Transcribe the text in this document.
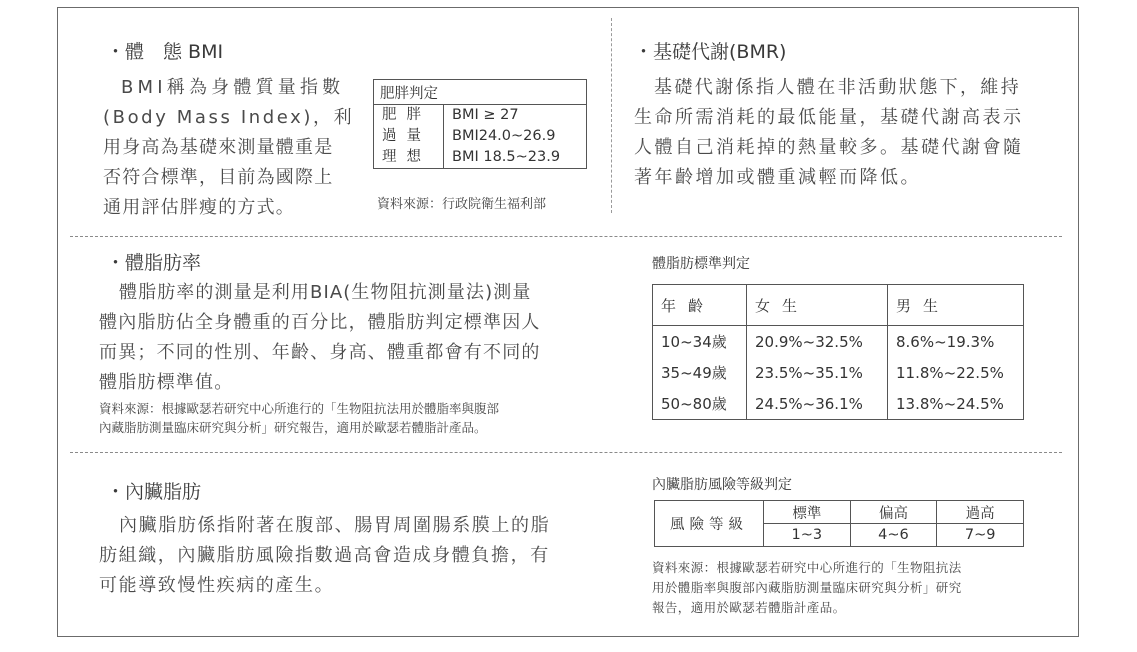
・體　態 BMI
BMI稱為身體質量指數
(Body Mass Index)，利
用身高為基礎來測量體重是
否符合標準，目前為國際上
通用評估胖瘦的方式。
肥胖判定
肥胖	BMI ≥ 27
過量	BMI24.0~26.9
理想	BMI 18.5~23.9
資料來源：行政院衛生福利部
・基礎代謝(BMR)
基礎代謝係指人體在非活動狀態下，維持
生命所需消耗的最低能量，基礎代謝高表示
人體自己消耗掉的熱量較多。基礎代謝會隨
著年齡增加或體重減輕而降低。
・體脂肪率
體脂肪率的測量是利用BIA(生物阻抗測量法)測量
體內脂肪佔全身體重的百分比，體脂肪判定標準因人
而異；不同的性別、年齡、身高、體重都會有不同的
體脂肪標準值。
資料來源：根據歐瑟若研究中心所進行的「生物阻抗法用於體脂率與腹部
內藏脂肪測量臨床研究與分析」研究報告，適用於歐瑟若體脂計產品。
體脂肪標準判定
年齡	女生	男生
10~34歲	20.9%~32.5%	8.6%~19.3%
35~49歲	23.5%~35.1%	11.8%~22.5%
50~80歲	24.5%~36.1%	13.8%~24.5%
・內臟脂肪
內臟脂肪係指附著在腹部、腸胃周圍腸系膜上的脂
肪組織，內臟脂肪風險指數過高會造成身體負擔，有
可能導致慢性疾病的產生。
內臟脂肪風險等級判定
風險等級	標準	偏高	過高
	1~3	4~6	7~9
資料來源：根據歐瑟若研究中心所進行的「生物阻抗法
用於體脂率與腹部內藏脂肪測量臨床研究與分析」研究
報告，適用於歐瑟若體脂計產品。
